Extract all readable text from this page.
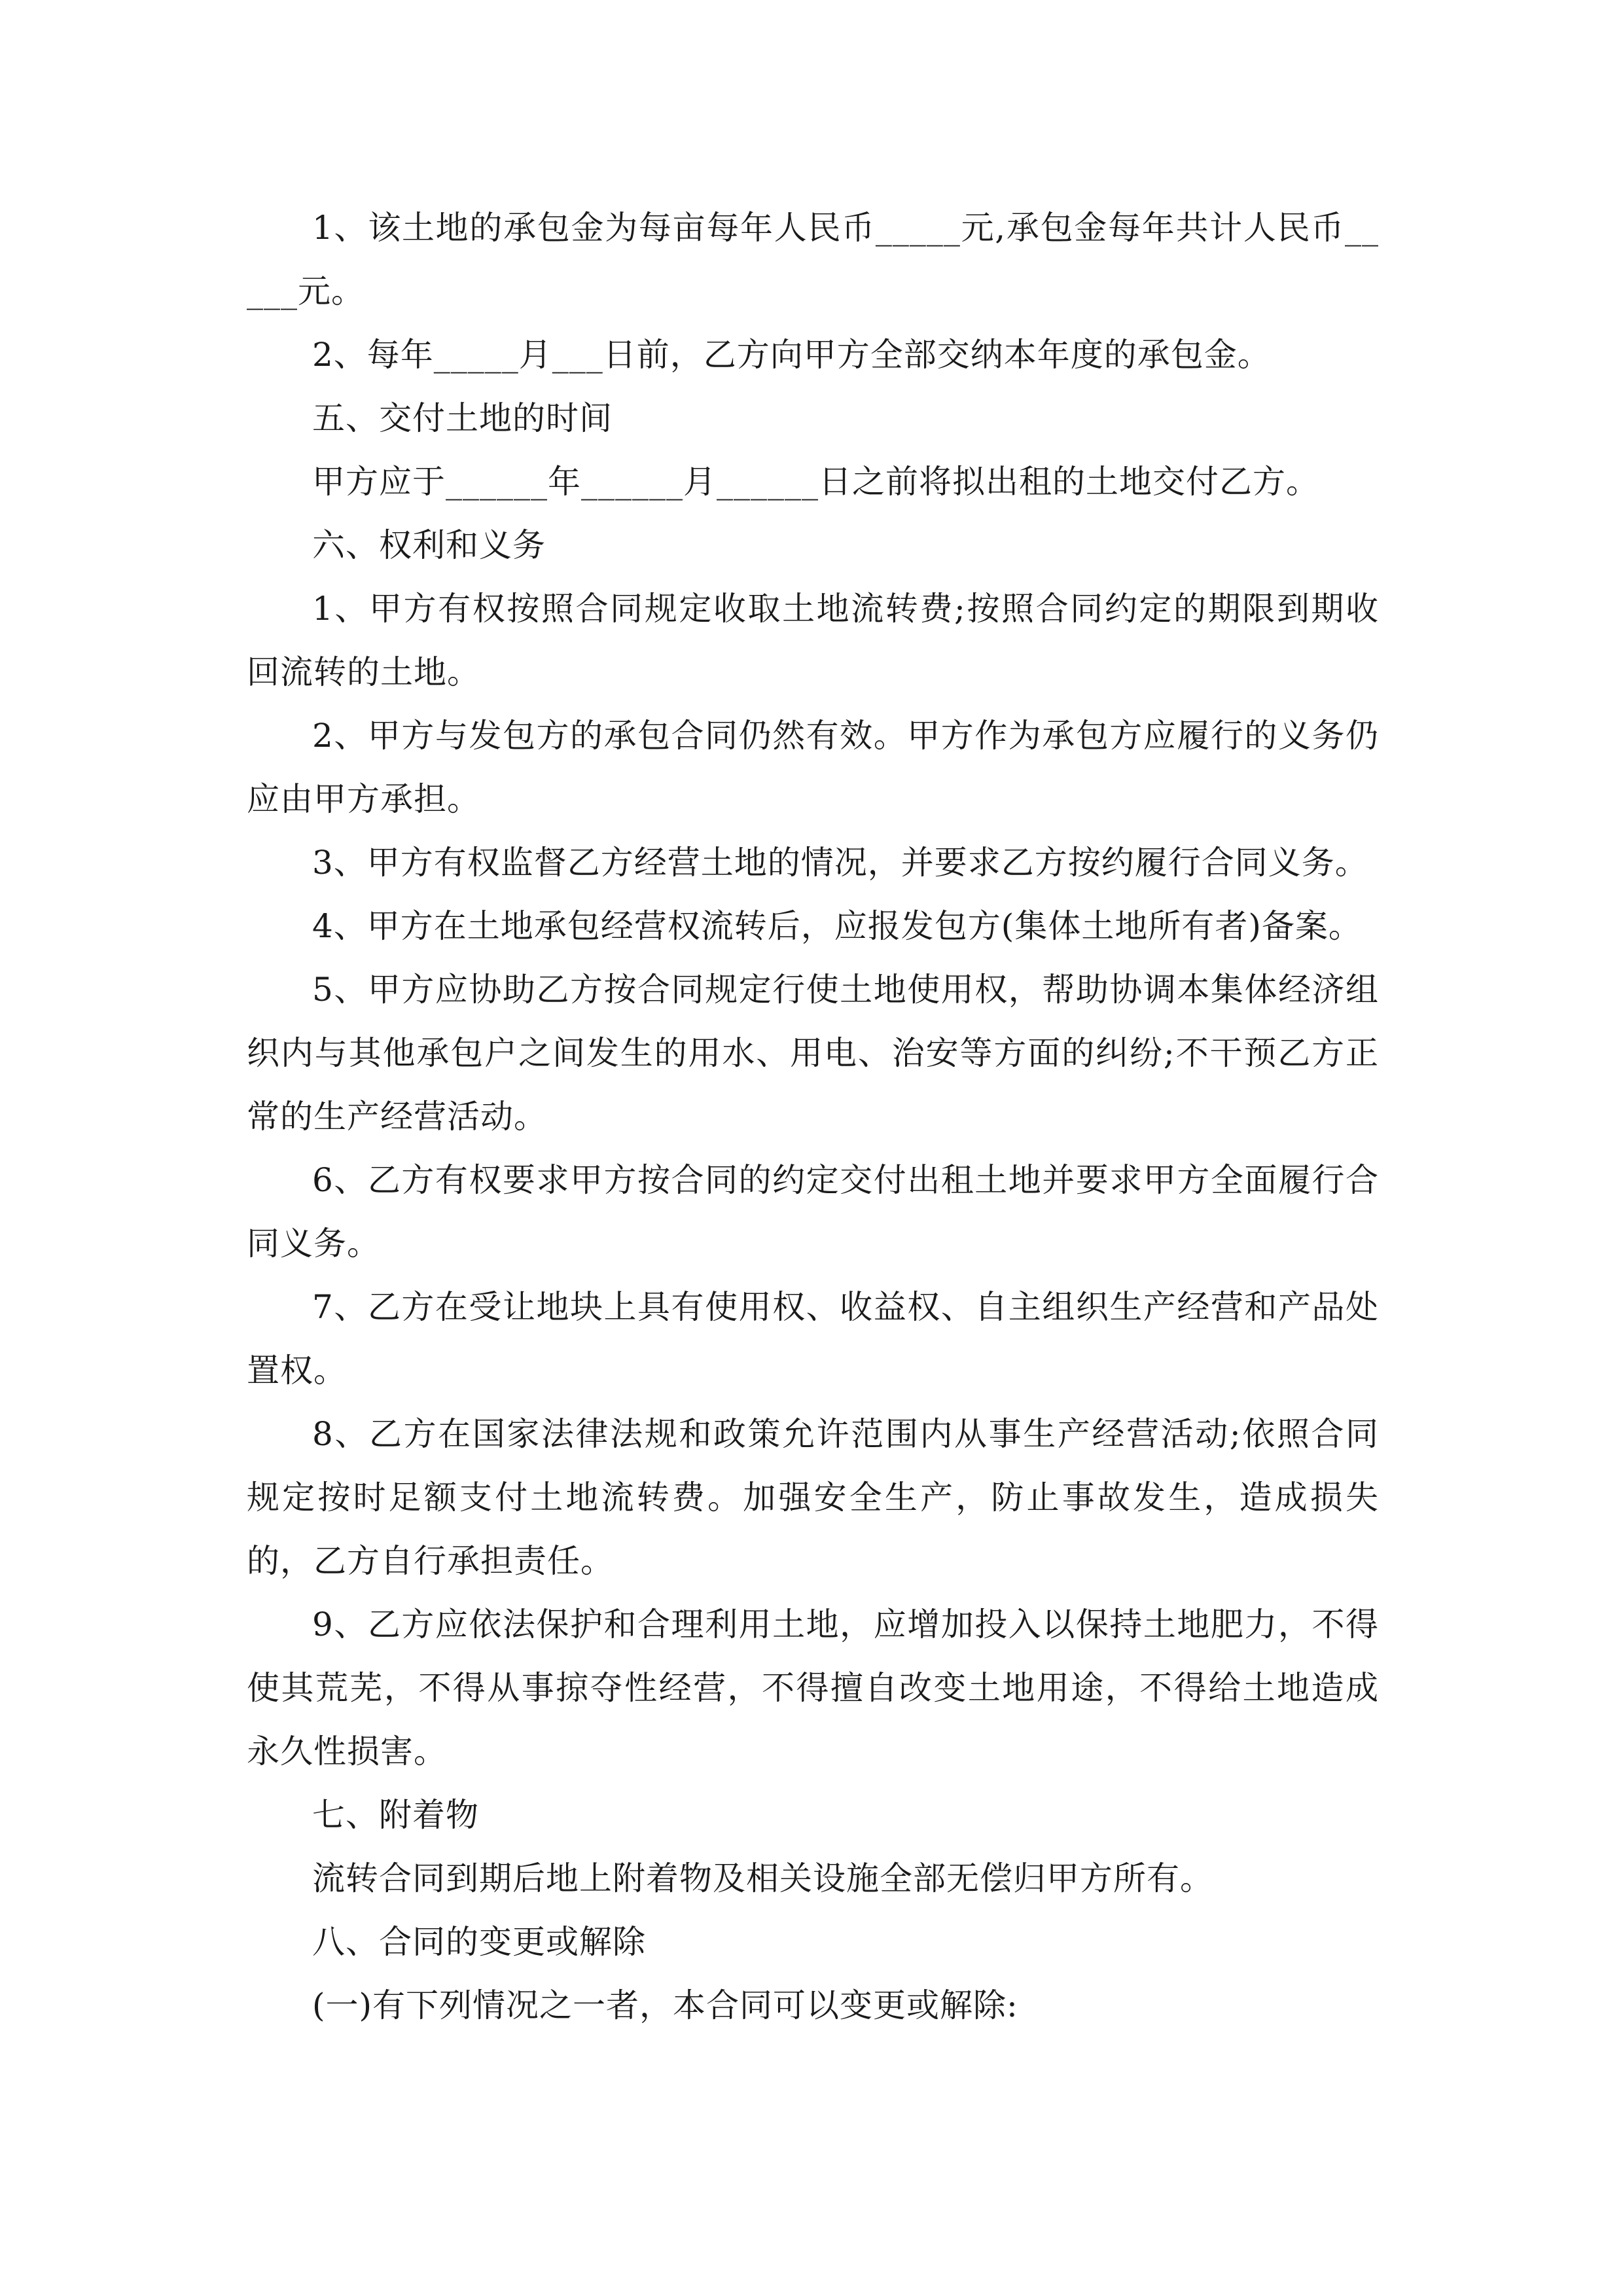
1、该土地的承包金为每亩每年人民币_____元,承包金每年共计人民币_____元。

2、每年_____月___日前，乙方向甲方全部交纳本年度的承包金。

五、交付土地的时间

甲方应于______年______月______日之前将拟出租的土地交付乙方。

六、权利和义务

1、甲方有权按照合同规定收取土地流转费;按照合同约定的期限到期收回流转的土地。

2、甲方与发包方的承包合同仍然有效。甲方作为承包方应履行的义务仍应由甲方承担。

3、甲方有权监督乙方经营土地的情况，并要求乙方按约履行合同义务。

4、甲方在土地承包经营权流转后，应报发包方(集体土地所有者)备案。

5、甲方应协助乙方按合同规定行使土地使用权，帮助协调本集体经济组织内与其他承包户之间发生的用水、用电、治安等方面的纠纷;不干预乙方正常的生产经营活动。

6、乙方有权要求甲方按合同的约定交付出租土地并要求甲方全面履行合同义务。

7、乙方在受让地块上具有使用权、收益权、自主组织生产经营和产品处置权。

8、乙方在国家法律法规和政策允许范围内从事生产经营活动;依照合同规定按时足额支付土地流转费。加强安全生产，防止事故发生，造成损失的，乙方自行承担责任。

9、乙方应依法保护和合理利用土地，应增加投入以保持土地肥力，不得使其荒芜，不得从事掠夺性经营，不得擅自改变土地用途，不得给土地造成永久性损害。

七、附着物

流转合同到期后地上附着物及相关设施全部无偿归甲方所有。

八、合同的变更或解除

(一)有下列情况之一者，本合同可以变更或解除:
